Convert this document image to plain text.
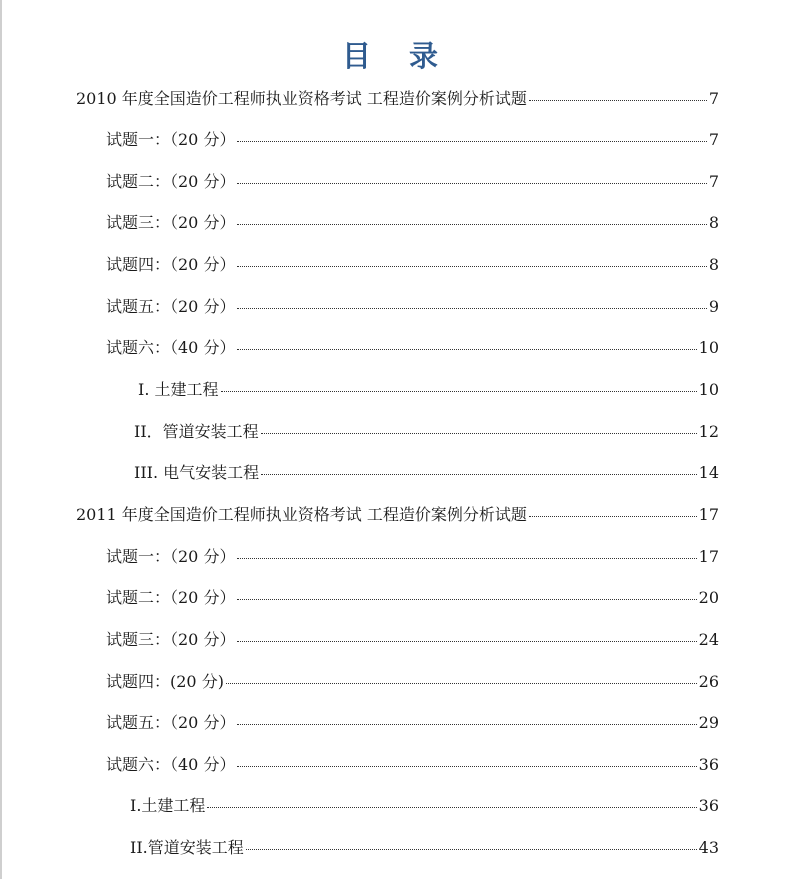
目 录
2010 年度全国造价工程师执业资格考试 工程造价案例分析试题	7
试题一：（20 分）	7
试题二：（20 分）	7
试题三：（20 分）	8
试题四：（20 分）	8
试题五：（20 分）	9
试题六：（40 分）	10
Ⅰ. 土建工程	10
II．管道安装工程	12
III. 电气安装工程	14
2011 年度全国造价工程师执业资格考试 工程造价案例分析试题	17
试题一：（20 分）	17
试题二：（20 分）	20
试题三：（20 分）	24
试题四：(20 分)	26
试题五：（20 分）	29
试题六：（40 分）	36
I.土建工程	36
II.管道安装工程	43
